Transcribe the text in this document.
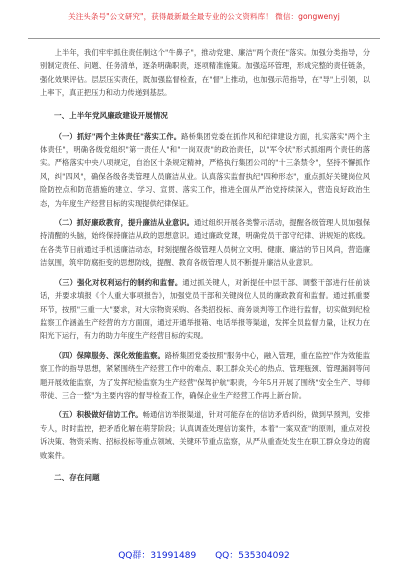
关注头条号"公文研究"，获得最新最全最专业的公文资料库！ 微信：gongwenyj

上半年，我们牢牢抓住责任制这个"牛鼻子"，推动党建、廉洁"两个责任"落实。加强分类指导，分别制定责任、问题、任务清单，逐条明确职责，逐项精准施策。加强巡环管理，形成完整的责任链条，强化效果评估。层层压实责任，既加强监督检查，在"督"上推动，也加强示范指导，在"导"上引领，以上率下，真正把压力和动力传递到基层。

一、上半年党风廉政建设开展情况

（一）抓好"两个主体责任"落实工作。路桥集团党委在抓作风和纪律建设方面，扎实落实"两个主体责任"，明确各级党组织"第一责任人"和"一岗双责"的政治责任，以"军令状"形式抓细两个责任的落实。严格落实中央八项规定，自治区十条规定精神，严格执行集团公司的"十三条禁令"，坚持不懈抓作风，纠"四风"，确保各级各类管理人员廉洁从业。认真落实监督执纪"四种形态"，重点抓好关键岗位风险防控点和防范措施的建立、学习、宣贯、落实工作，推进全面从严治党持续深入，营造良好政治生态，为年度生产经营目标的实现提供纪律保证。

（二）抓好廉政教育，提升廉洁从业意识。通过组织开展各类警示活动，提醒各级管理人员加强保持清醒的头脑，始终保持廉洁从政的思想意识。通过廉政党课，明确党员干部守纪律、讲规矩的底线。在各类节日前通过手机送廉洁动态，时刻提醒各级管理人员树立文明、健康、廉洁的节日风尚，营造廉洁氛围，筑牢防腐拒变的思想防线，提醒、教育各级管理人员不断提升廉洁从业意识。

（三）强化对权利运行的制约和监督。通过抓关键人，对新提任中层干部、调整干部进行任前谈话，并要求填报《个人重大事项报告》，加强党员干部和关键岗位人员的廉政教育和监督。通过抓重要环节，按照"三重一大"要求，对大宗物资采购、各类招投标、商务谈判等工作进行监督，切实做到纪检监察工作涵盖生产经营的方方面面，通过开通举报箱、电话举报等渠道，发挥全员监督力量，让权力在阳光下运行，有力的助力年度生产经营目标的实现。

（四）保障服务、深化效能监察。路桥集团党委按照"服务中心，融入管理，重在监控"作为效能监察工作的指导思想，紧紧围绕生产经营工作中的难点、职工群众关心的热点、管理瓶颈、管理漏洞等问题开展效能监察，为了发挥纪检监察为生产经营"保驾护航"职责，今年5月开展了围绕"安全生产、导师带徒、三合一整"为主要内容的督导检查工作，确保企业生产经营工作再上新台阶。

（五）积极做好信访工作。畅通信访举报渠道，针对可能存在的信访矛盾纠纷，做到早预判，安排专人，时时监控，把矛盾化解在萌芽阶段；认真调查处理信访案件，本着"一案双查"的原则，重点对投诉决策、物资采购、招标投标等重点领域、关键环节重点监察，从严从重查处发生在职工群众身边的腐败案件。

二、存在问题
QQ群：31991489 QQ：535304092
